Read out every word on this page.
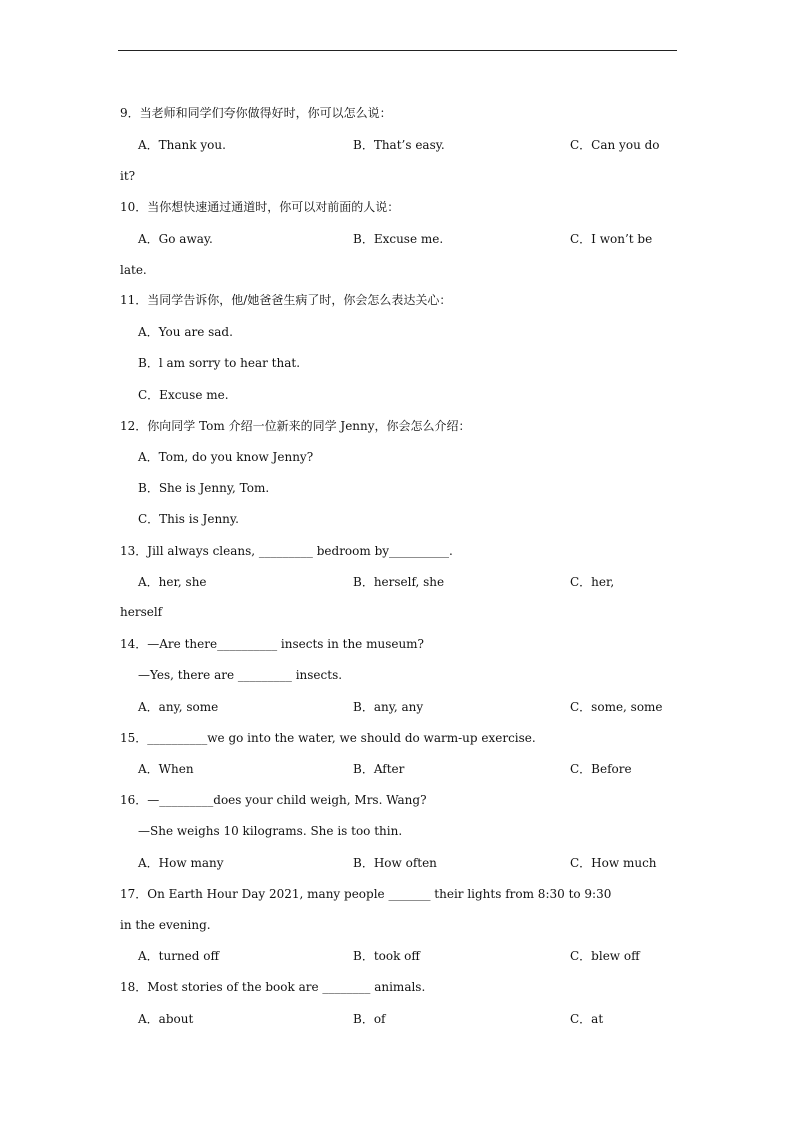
9．当老师和同学们夸你做得好时，你可以怎么说：
A．Thank you.	B．That’s easy.	C．Can you do
it?
10．当你想快速通过通道时，你可以对前面的人说：
A．Go away.	B．Excuse me.	C．I won’t be
late.
11．当同学告诉你，他/她爸爸生病了时，你会怎么表达关心：
A．You are sad.
B．l am sorry to hear that.
C．Excuse me.
12．你向同学 Tom 介绍一位新来的同学 Jenny，你会怎么介绍：
A．Tom, do you know Jenny?
B．She is Jenny, Tom.
C．This is Jenny.
13．Jill always cleans, _________ bedroom by__________.
A．her, she	B．herself, she	C．her,
herself
14．—Are there__________ insects in the museum?
—Yes, there are _________ insects.
A．any, some	B．any, any	C．some, some
15．__________we go into the water, we should do warm-up exercise.
A．When	B．After	C．Before
16．—_________does your child weigh, Mrs. Wang?
—She weighs 10 kilograms. She is too thin.
A．How many	B．How often	C．How much
17．On Earth Hour Day 2021, many people _______ their lights from 8:30 to 9:30
in the evening.
A．turned off	B．took off	C．blew off
18．Most stories of the book are ________ animals.
A．about	B．of	C．at
